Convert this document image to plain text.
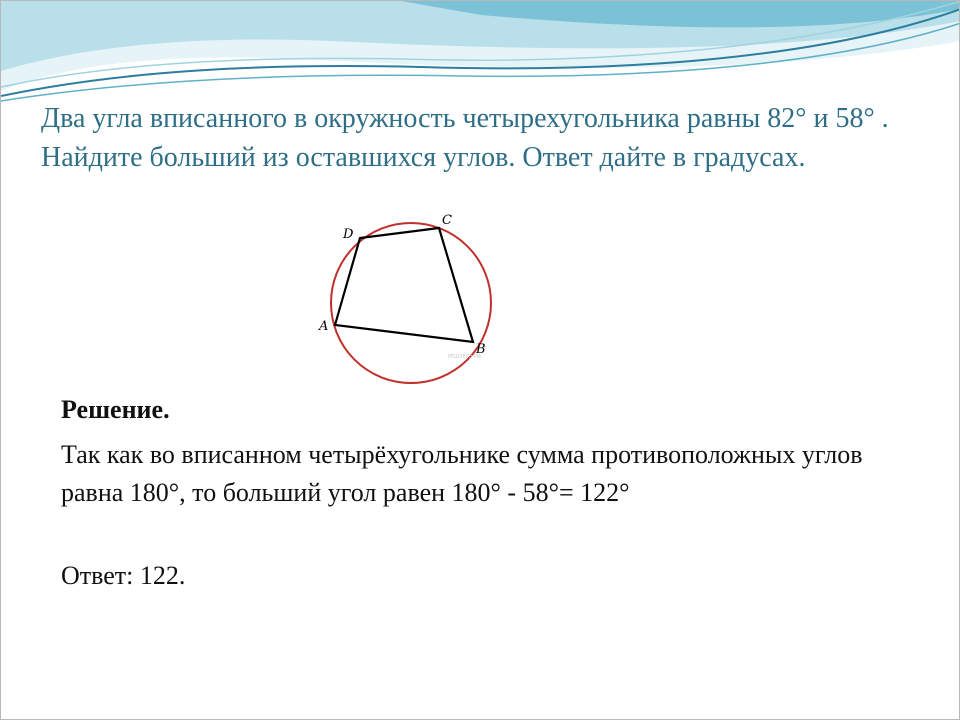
Два угла вписанного в окружность четырехугольника равны 82° и 58° . Найдите больший из оставшихся углов. Ответ дайте в градусах.

A
D
C
B
РЕШУЕГЭ.РФ

Решение.

Так как во вписанном четырёхугольнике сумма противоположных углов равна 180°, то больший угол равен 180° - 58°= 122°

Ответ: 122.
